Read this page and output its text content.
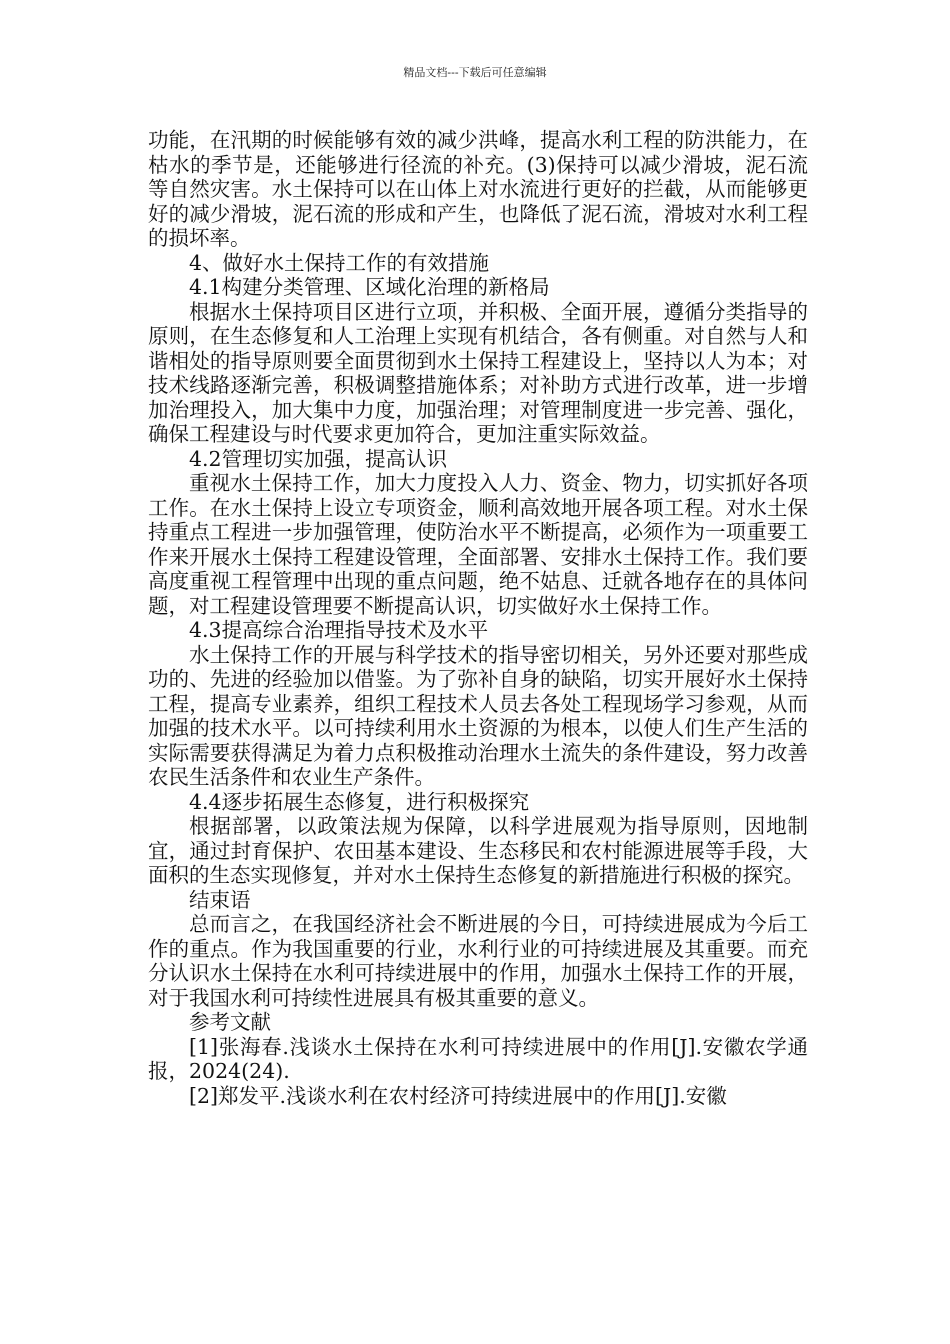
精品文档---下载后可任意编辑

功能，在汛期的时候能够有效的减少洪峰，提高水利工程的防洪能力，在枯水的季节是，还能够进行径流的补充。(3)保持可以减少滑坡，泥石流等自然灾害。水土保持可以在山体上对水流进行更好的拦截，从而能够更好的减少滑坡，泥石流的形成和产生，也降低了泥石流，滑坡对水利工程的损坏率。

4、做好水土保持工作的有效措施

4.1构建分类管理、区域化治理的新格局

根据水土保持项目区进行立项，并积极、全面开展，遵循分类指导的原则，在生态修复和人工治理上实现有机结合，各有侧重。对自然与人和谐相处的指导原则要全面贯彻到水土保持工程建设上，坚持以人为本；对技术线路逐渐完善，积极调整措施体系；对补助方式进行改革，进一步增加治理投入，加大集中力度，加强治理；对管理制度进一步完善、强化，确保工程建设与时代要求更加符合，更加注重实际效益。

4.2管理切实加强，提高认识

重视水土保持工作，加大力度投入人力、资金、物力，切实抓好各项工作。在水土保持上设立专项资金，顺利高效地开展各项工程。对水土保持重点工程进一步加强管理，使防治水平不断提高，必须作为一项重要工作来开展水土保持工程建设管理，全面部署、安排水土保持工作。我们要高度重视工程管理中出现的重点问题，绝不姑息、迁就各地存在的具体问题，对工程建设管理要不断提高认识，切实做好水土保持工作。

4.3提高综合治理指导技术及水平

水土保持工作的开展与科学技术的指导密切相关，另外还要对那些成功的、先进的经验加以借鉴。为了弥补自身的缺陷，切实开展好水土保持工程，提高专业素养，组织工程技术人员去各处工程现场学习参观，从而加强的技术水平。以可持续利用水土资源的为根本，以使人们生产生活的实际需要获得满足为着力点积极推动治理水土流失的条件建设，努力改善农民生活条件和农业生产条件。

4.4逐步拓展生态修复，进行积极探究

根据部署，以政策法规为保障，以科学进展观为指导原则，因地制宜，通过封育保护、农田基本建设、生态移民和农村能源进展等手段，大面积的生态实现修复，并对水土保持生态修复的新措施进行积极的探究。

结束语

总而言之，在我国经济社会不断进展的今日，可持续进展成为今后工作的重点。作为我国重要的行业，水利行业的可持续进展及其重要。而充分认识水土保持在水利可持续进展中的作用，加强水土保持工作的开展，对于我国水利可持续性进展具有极其重要的意义。

参考文献

[1]张海春.浅谈水土保持在水利可持续进展中的作用[J].安徽农学通报，2024(24).

[2]郑发平.浅谈水利在农村经济可持续进展中的作用[J].安徽
